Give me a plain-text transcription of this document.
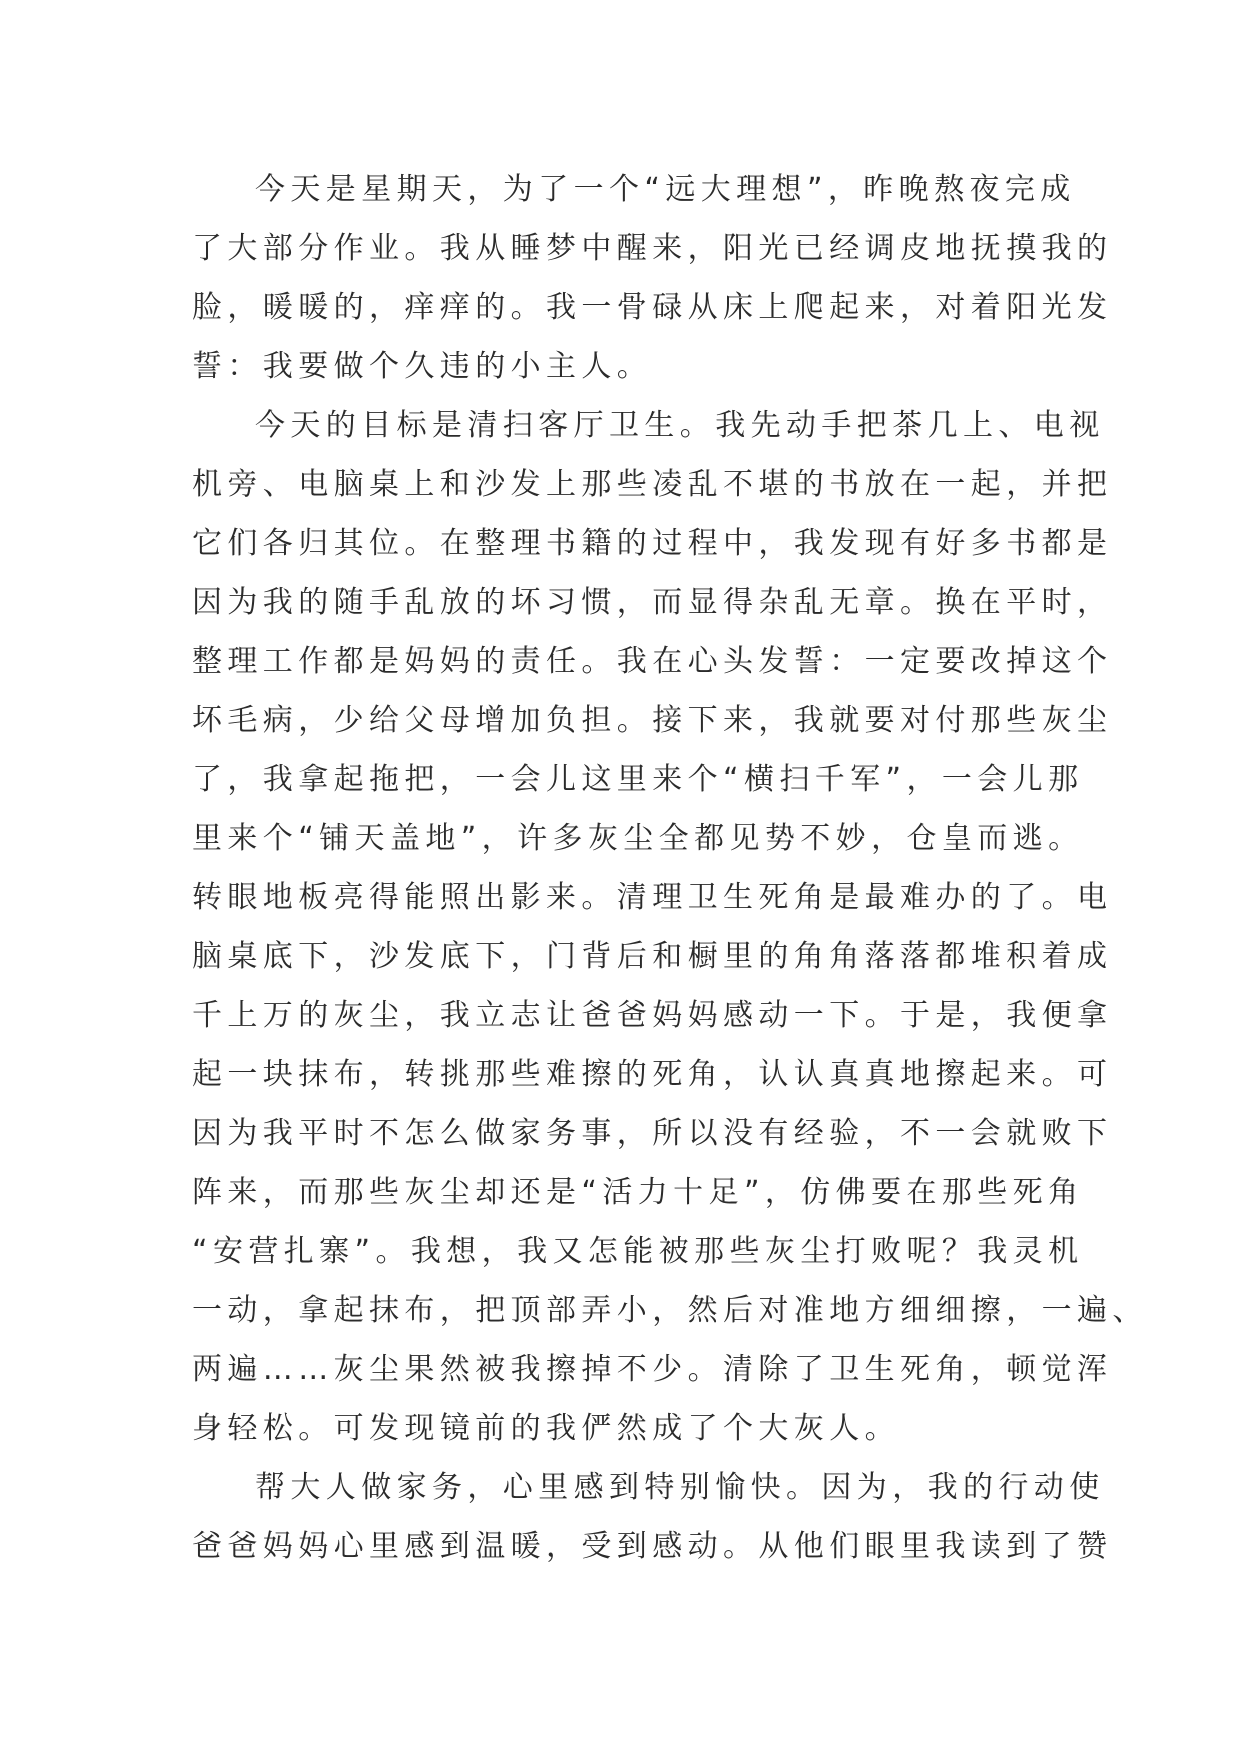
今天是星期天，为了一个“远大理想”，昨晚熬夜完成
了大部分作业。我从睡梦中醒来，阳光已经调皮地抚摸我的
脸，暖暖的，痒痒的。我一骨碌从床上爬起来，对着阳光发
誓：我要做个久违的小主人。
今天的目标是清扫客厅卫生。我先动手把茶几上、电视
机旁、电脑桌上和沙发上那些凌乱不堪的书放在一起，并把
它们各归其位。在整理书籍的过程中，我发现有好多书都是
因为我的随手乱放的坏习惯，而显得杂乱无章。换在平时，
整理工作都是妈妈的责任。我在心头发誓：一定要改掉这个
坏毛病，少给父母增加负担。接下来，我就要对付那些灰尘
了，我拿起拖把，一会儿这里来个“横扫千军”，一会儿那
里来个“铺天盖地”，许多灰尘全都见势不妙，仓皇而逃。
转眼地板亮得能照出影来。清理卫生死角是最难办的了。电
脑桌底下，沙发底下，门背后和橱里的角角落落都堆积着成
千上万的灰尘，我立志让爸爸妈妈感动一下。于是，我便拿
起一块抹布，转挑那些难擦的死角，认认真真地擦起来。可
因为我平时不怎么做家务事，所以没有经验，不一会就败下
阵来，而那些灰尘却还是“活力十足”，仿佛要在那些死角
“安营扎寨”。我想，我又怎能被那些灰尘打败呢？我灵机
一动，拿起抹布，把顶部弄小，然后对准地方细细擦，一遍、
两遍……灰尘果然被我擦掉不少。清除了卫生死角，顿觉浑
身轻松。可发现镜前的我俨然成了个大灰人。
帮大人做家务，心里感到特别愉快。因为，我的行动使
爸爸妈妈心里感到温暖，受到感动。从他们眼里我读到了赞
